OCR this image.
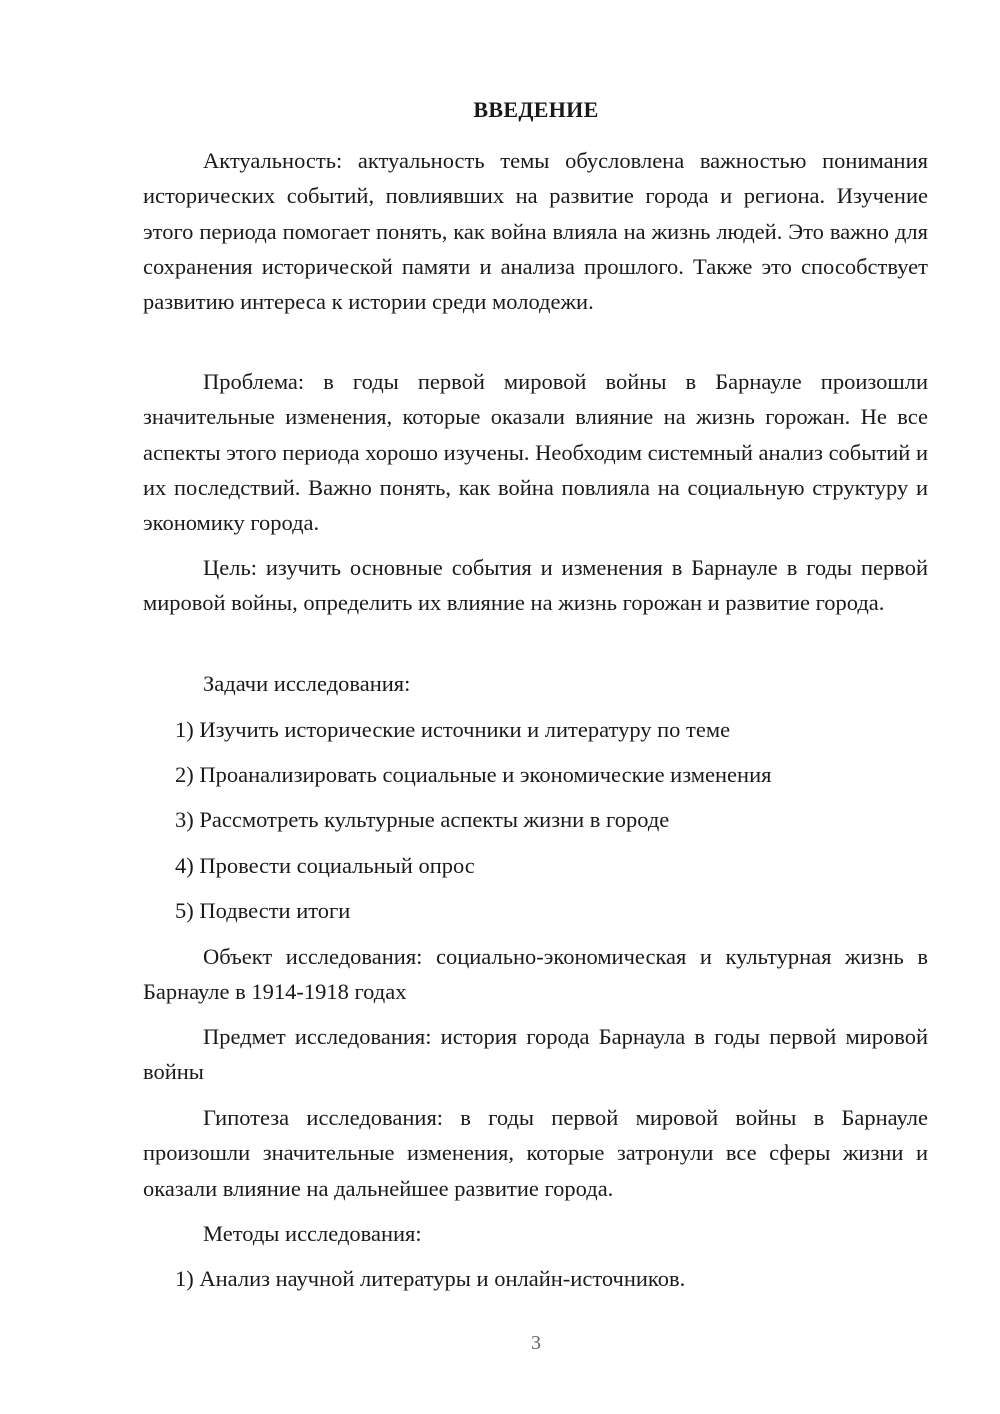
ВВЕДЕНИЕ

Актуальность: актуальность темы обусловлена важностью понимания исторических событий, повлиявших на развитие города и региона. Изучение этого периода помогает понять, как война влияла на жизнь людей. Это важно для сохранения исторической памяти и анализа прошлого. Также это способствует развитию интереса к истории среди молодежи.

Проблема: в годы первой мировой войны в Барнауле произошли значительные изменения, которые оказали влияние на жизнь горожан. Не все аспекты этого периода хорошо изучены. Необходим системный анализ событий и их последствий. Важно понять, как война повлияла на социальную структуру и экономику города.

Цель: изучить основные события и изменения в Барнауле в годы первой мировой войны, определить их влияние на жизнь горожан и развитие города.

Задачи исследования:
1) Изучить исторические источники и литературу по теме
2) Проанализировать социальные и экономические изменения
3) Рассмотреть культурные аспекты жизни в городе
4) Провести социальный опрос
5) Подвести итоги

Объект исследования: социально-экономическая и культурная жизнь в Барнауле в 1914-1918 годах

Предмет исследования: история города Барнаула в годы первой мировой войны

Гипотеза исследования: в годы первой мировой войны в Барнауле произошли значительные изменения, которые затронули все сферы жизни и оказали влияние на дальнейшее развитие города.

Методы исследования:
1) Анализ научной литературы и онлайн-источников.
3
